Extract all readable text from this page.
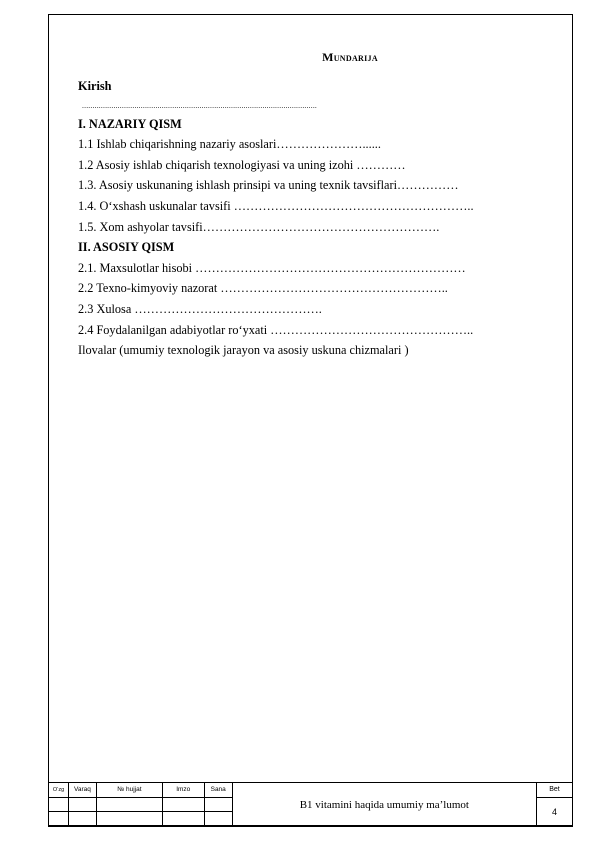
Mundarija
Kirish
................................................................................................................
I. NAZARIY QISM
1.1 Ishlab chiqarishning nazariy asoslari…………………......
1.2 Asosiy ishlab chiqarish texnologiyasi va uning izohi …………
1.3. Asosiy uskunaning ishlash prinsipi va uning texnik tavsiflari……………
1.4. O‘xshash uskunalar tavsifi …………………………………………………..
1.5. Xom ashyolar tavsifi………………………………………………….
II. ASOSIY QISM
2.1. Maxsulotlar hisobi …………………………………………………………
2.2 Texno-kimyoviy nazorat ………………………………………………..
2.3 Xulosa ……………………………………….
2.4 Foydalanilgan adabiyotlar ro‘yxati …………………………………………..
Ilovalar (umumiy texnologik jarayon va asosiy uskuna chizmalari )
O‘zg	Varaq	№ hujjat	Imzo	Sana	B1 vitamini haqida umumiy ma’lumot	Bet
						4
